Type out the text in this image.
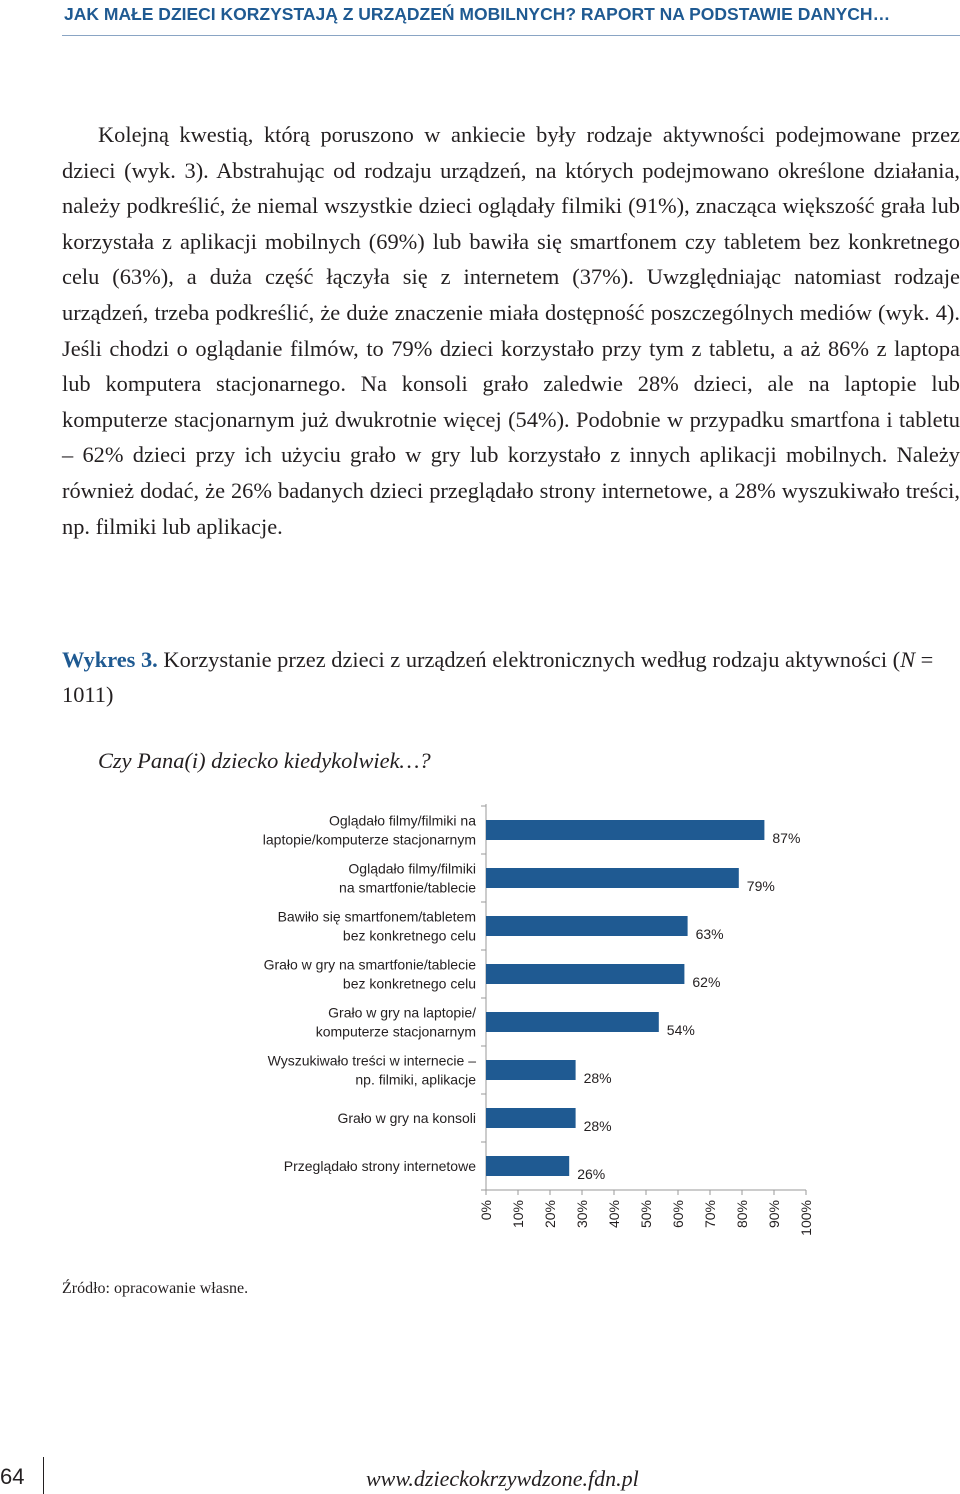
JAK MAŁE DZIECI KORZYSTAJĄ Z URZĄDZEŃ MOBILNYCH? RAPORT NA PODSTAWIE DANYCH…

Kolejną kwestią, którą poruszono w ankiecie były rodzaje aktywności podejmowane przez dzieci (wyk. 3). Abstrahując od rodzaju urządzeń, na których podejmowano określone działania, należy podkreślić, że niemal wszystkie dzieci oglądały filmiki (91%), znacząca większość grała lub korzystała z aplikacji mobilnych (69%) lub bawiła się smartfonem czy tabletem bez konkretnego celu (63%), a duża część łączyła się z internetem (37%). Uwzględniając natomiast rodzaje urządzeń, trzeba podkreślić, że duże znaczenie miała dostępność poszczególnych mediów (wyk. 4). Jeśli chodzi o oglądanie filmów, to 79% dzieci korzystało przy tym z tabletu, a aż 86% z laptopa lub komputera stacjonarnego. Na konsoli grało zaledwie 28% dzieci, ale na laptopie lub komputerze stacjonarnym już dwukrotnie więcej (54%). Podobnie w przypadku smartfona i tabletu – 62% dzieci przy ich użyciu grało w gry lub korzystało z innych aplikacji mobilnych. Należy również dodać, że 26% badanych dzieci przeglądało strony internetowe, a 28% wyszukiwało treści, np. filmiki lub aplikacje.

Wykres 3. Korzystanie przez dzieci z urządzeń elektronicznych według rodzaju aktywności (N = 1011)

Czy Pana(i) dziecko kiedykolwiek…?
0% 10% 20% 30% 40% 50% 60% 70% 80% 90% 100%
87%
Oglądało filmy/filmiki na
laptopie/komputerze stacjonarnym
79%
Oglądało filmy/filmiki
na smartfonie/tablecie
63%
Bawiło się smartfonem/tabletem
bez konkretnego celu
62%
Grało w gry na smartfonie/tablecie
bez konkretnego celu
54%
Grało w gry na laptopie/
komputerze stacjonarnym
28%
Wyszukiwało treści w internecie –
np. filmiki, aplikacje
28%
Grało w gry na konsoli
26%
Przeglądało strony internetowe
Źródło: opracowanie własne.
64	www.dzieckokrzywdzone.fdn.pl
